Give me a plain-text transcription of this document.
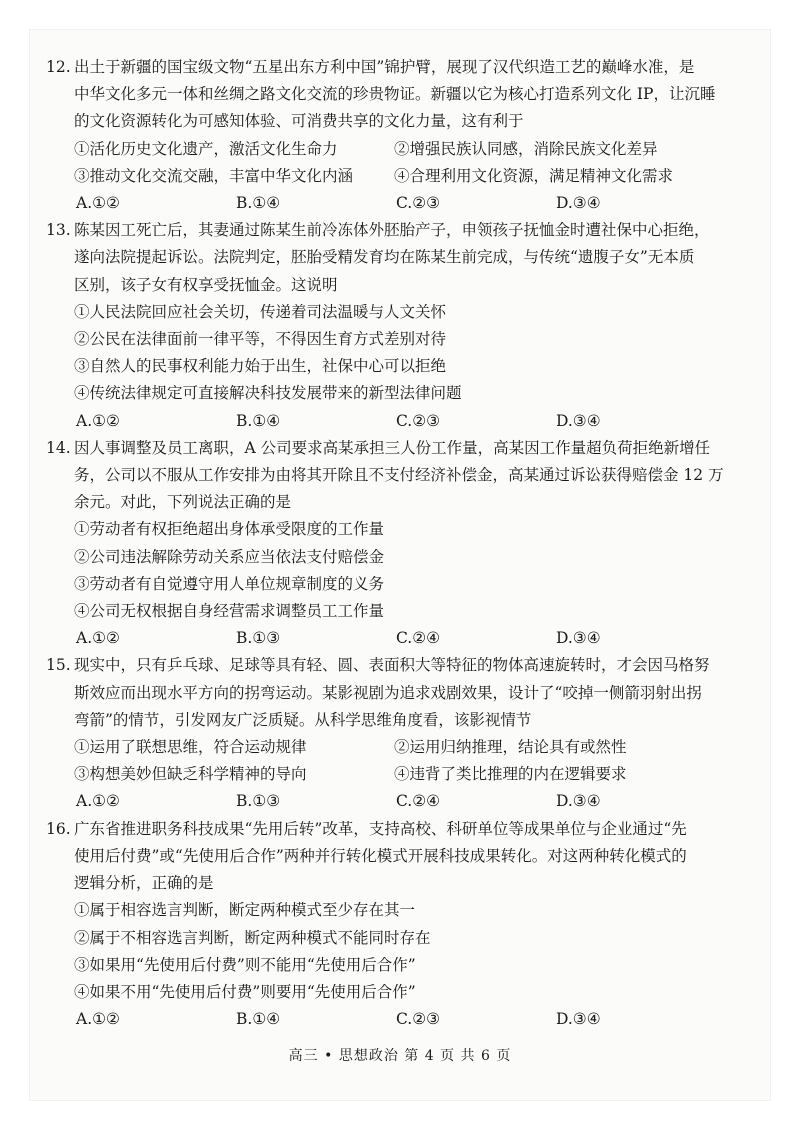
12. 出土于新疆的国宝级文物“五星出东方利中国”锦护臂，展现了汉代织造工艺的巅峰水准，是
中华文化多元一体和丝绸之路文化交流的珍贵物证。新疆以它为核心打造系列文化 IP，让沉睡
的文化资源转化为可感知体验、可消费共享的文化力量，这有利于
①活化历史文化遗产，激活文化生命力	②增强民族认同感，消除民族文化差异
③推动文化交流交融，丰富中华文化内涵	④合理利用文化资源，满足精神文化需求
A.①②	B.①④	C.②③	D.③④
13. 陈某因工死亡后，其妻通过陈某生前冷冻体外胚胎产子，申领孩子抚恤金时遭社保中心拒绝，
遂向法院提起诉讼。法院判定，胚胎受精发育均在陈某生前完成，与传统“遗腹子女”无本质
区别，该子女有权享受抚恤金。这说明
①人民法院回应社会关切，传递着司法温暖与人文关怀
②公民在法律面前一律平等，不得因生育方式差别对待
③自然人的民事权利能力始于出生，社保中心可以拒绝
④传统法律规定可直接解决科技发展带来的新型法律问题
A.①②	B.①④	C.②③	D.③④
14. 因人事调整及员工离职，A 公司要求高某承担三人份工作量，高某因工作量超负荷拒绝新增任
务，公司以不服从工作安排为由将其开除且不支付经济补偿金，高某通过诉讼获得赔偿金 12 万
余元。对此，下列说法正确的是
①劳动者有权拒绝超出身体承受限度的工作量
②公司违法解除劳动关系应当依法支付赔偿金
③劳动者有自觉遵守用人单位规章制度的义务
④公司无权根据自身经营需求调整员工工作量
A.①②	B.①③	C.②④	D.③④
15. 现实中，只有乒乓球、足球等具有轻、圆、表面积大等特征的物体高速旋转时，才会因马格努
斯效应而出现水平方向的拐弯运动。某影视剧为追求戏剧效果，设计了“咬掉一侧箭羽射出拐
弯箭”的情节，引发网友广泛质疑。从科学思维角度看，该影视情节
①运用了联想思维，符合运动规律	②运用归纳推理，结论具有或然性
③构想美妙但缺乏科学精神的导向	④违背了类比推理的内在逻辑要求
A.①②	B.①③	C.②④	D.③④
16. 广东省推进职务科技成果“先用后转”改革，支持高校、科研单位等成果单位与企业通过“先
使用后付费”或“先使用后合作”两种并行转化模式开展科技成果转化。对这两种转化模式的
逻辑分析，正确的是
①属于相容选言判断，断定两种模式至少存在其一
②属于不相容选言判断，断定两种模式不能同时存在
③如果用“先使用后付费”则不能用“先使用后合作”
④如果不用“先使用后付费”则要用“先使用后合作”
A.①②	B.①④	C.②③	D.③④
高三 • 思想政治 第 4 页 共 6 页
